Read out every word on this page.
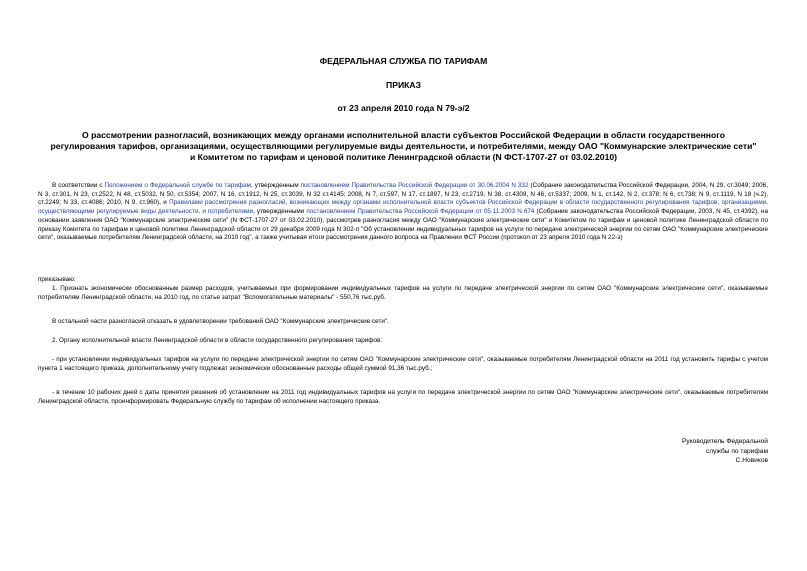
ФЕДЕРАЛЬНАЯ СЛУЖБА ПО ТАРИФАМ
ПРИКАЗ
от 23 апреля 2010 года N 79-э/2
О рассмотрении разногласий, возникающих между органами исполнительной власти субъектов Российской Федерации в области государственного
регулирования тарифов, организациями, осуществляющими регулируемые виды деятельности, и потребителями, между ОАО "Коммунарские электрические сети"
и Комитетом по тарифам и ценовой политике Ленинградской области (N ФСТ-1707-27 от 03.02.2010)

В соответствии с Положением о Федеральной службе по тарифам, утвержденным постановлением Правительства Российской Федерации от 30.06.2004 N 332 (Собрание законодательства Российской Федерации, 2004, N 29, ст.3049; 2006, N 3, ст.301, N 23, ст.2522, N 48, ст.5032, N 50, ст.5354; 2007, N 16, ст.1912, N 25, ст.3039, N 32 ст.4145; 2008, N 7, ст.597, N 17, ст.1897, N 23, ст.2719, N 38, ст.4309, N 46, ст.5337; 2009, N 1, ст.142, N 2, ст.378; N 6, ст.738; N 9, ст.1119, N 18 (ч.2), ст.2249; N 33, ст.4086; 2010, N 9, ст.960), и Правилами рассмотрения разногласий, возникающих между органами исполнительной власти субъектов Российской Федерации в области государственного регулирования тарифов, организациями, осуществляющими регулируемые виды деятельности, и потребителями, утвержденными постановлением Правительства Российской Федерации от 05.11.2003 N 674 (Собрание законодательства Российской Федерации, 2003, N 45, ст.4392), на основании заявления ОАО "Коммунарские электрические сети" (N ФСТ-1707-27 от 03.02.2010), рассмотрев разногласия между ОАО "Коммунарские электрические сети" и Комитетом по тарифам и ценовой политике Ленинградской области по приказу Комитета по тарифам и ценовой политике Ленинградской области от 29 декабря 2009 года N 302-п "Об установлении индивидуальных тарифов на услуги по передаче электрической энергии по сетям ОАО "Коммунарские электрические сети", оказываемые потребителям Ленинградской области, на 2010 год", а также учитывая итоги рассмотрения данного вопроса на Правлении ФСТ России (протокол от 23 апреля 2010 года N 22-э)

приказываю:

1. Признать экономически обоснованным размер расходов, учитываемых при формировании индивидуальных тарифов на услуги по передаче электрической энергии по сетям ОАО "Коммунарские электрические сети", оказываемые потребителям Ленинградской области, на 2010 год, по статье затрат "Вспомогательные материалы" - 550,76 тыс.руб.

В остальной части разногласий отказать в удовлетворении требований ОАО "Коммунарские электрические сети".

2. Органу исполнительной власти Ленинградской области в области государственного регулирования тарифов:

- при установлении индивидуальных тарифов на услуги по передаче электрической энергии по сетям ОАО "Коммунарские электрические сети", оказываемые потребителям Ленинградской области на 2011 год установить тарифы с учетом пункта 1 настоящего приказа, дополнительному учету подлежат экономически обоснованные расходы общей суммой 91,36 тыс.руб.;

- в течение 10 рабочих дней с даты принятия решения об установлении на 2011 год индивидуальных тарифов на услуги по передаче электрической энергии по сетям ОАО "Коммунарские электрические сети", оказываемые потребителям Ленинградской области, проинформировать Федеральную службу по тарифам об исполнении настоящего приказа.

Руководитель Федеральной
службы по тарифам
С.Новиков
